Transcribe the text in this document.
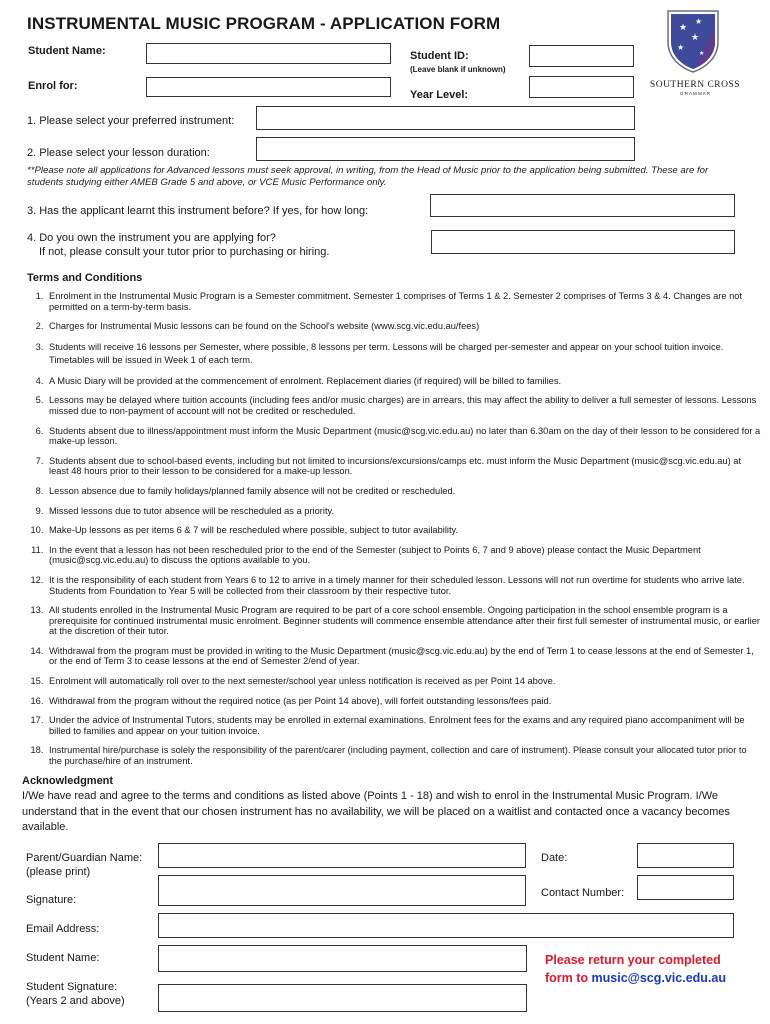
INSTRUMENTAL MUSIC PROGRAM - APPLICATION FORM	★
★
★
★
★
SOUTHERN CROSS
G R A M M A R
Student Name:	Student ID:
(Leave blank if unknown)
Enrol for:
Year Level:
1. Please select your preferred instrument:
2. Please select your lesson duration:
**Please note all applications for Advanced lessons must seek approval, in writing, from the Head of Music prior to the application being submitted. These are for students studying either AMEB Grade 5 and above, or VCE Music Performance only.
3. Has the applicant learnt this instrument before? If yes, for how long:
4. Do you own the instrument you are applying for?
If not, please consult your tutor prior to purchasing or hiring.
Terms and Conditions
1. Enrolment in the Instrumental Music Program is a Semester commitment. Semester 1 comprises of Terms 1 & 2. Semester 2 comprises of Terms 3 & 4. Changes are not permitted on a term-by-term basis.
2. Charges for Instrumental Music lessons can be found on the School's website (www.scg.vic.edu.au/fees)
3. Students will receive 16 lessons per Semester, where possible, 8 lessons per term. Lessons will be charged per-semester and appear on your school tuition invoice. Timetables will be issued in Week 1 of each term.
4. A Music Diary will be provided at the commencement of enrolment. Replacement diaries (if required) will be billed to families.
5. Lessons may be delayed where tuition accounts (including fees and/or music charges) are in arrears, this may affect the ability to deliver a full semester of lessons. Lessons missed due to non-payment of account will not be credited or rescheduled.
6. Students absent due to illness/appointment must inform the Music Department (music@scg.vic.edu.au) no later than 6.30am on the day of their lesson to be considered for a make-up lesson.
7. Students absent due to school-based events, including but not limited to incursions/excursions/camps etc. must inform the Music Department (music@scg.vic.edu.au) at least 48 hours prior to their lesson to be considered for a make-up lesson.
8. Lesson absence due to family holidays/planned family absence will not be credited or rescheduled.
9. Missed lessons due to tutor absence will be rescheduled as a priority.
10. Make-Up lessons as per items 6 & 7 will be rescheduled where possible, subject to tutor availability.
11. In the event that a lesson has not been rescheduled prior to the end of the Semester (subject to Points 6, 7 and 9 above) please contact the Music Department (music@scg.vic.edu.au) to discuss the options available to you.
12. It is the responsibility of each student from Years 6 to 12 to arrive in a timely manner for their scheduled lesson. Lessons will not run overtime for students who arrive late. Students from Foundation to Year 5 will be collected from their classroom by their respective tutor.
13. All students enrolled in the Instrumental Music Program are required to be part of a core school ensemble. Ongoing participation in the school ensemble program is a prerequisite for continued instrumental music enrolment. Beginner students will commence ensemble attendance after their first full semester of instrumental music, or earlier at the discretion of their tutor.
14. Withdrawal from the program must be provided in writing to the Music Department (music@scg.vic.edu.au) by the end of Term 1 to cease lessons at the end of Semester 1, or the end of Term 3 to cease lessons at the end of Semester 2/end of year.
15. Enrolment will automatically roll over to the next semester/school year unless notification is received as per Point 14 above.
16. Withdrawal from the program without the required notice (as per Point 14 above), will forfeit outstanding lessons/fees paid.
17. Under the advice of Instrumental Tutors, students may be enrolled in external examinations. Enrolment fees for the exams and any required piano accompaniment will be billed to families and appear on your tuition invoice.
18. Instrumental hire/purchase is solely the responsibility of the parent/carer (including payment, collection and care of instrument). Please consult your allocated tutor prior to the purchase/hire of an instrument.
Acknowledgment
I/We have read and agree to the terms and conditions as listed above (Points 1 - 18) and wish to enrol in the Instrumental Music Program. I/We understand that in the event that our chosen instrument has no availability, we will be placed on a waitlist and contacted once a vacancy becomes available.
Parent/Guardian Name:
(please print)
Date:
Signature:
Contact Number:
Email Address:
Student Name:
Student Signature:
(Years 2 and above)
Please return your completed
form to music@scg.vic.edu.au
